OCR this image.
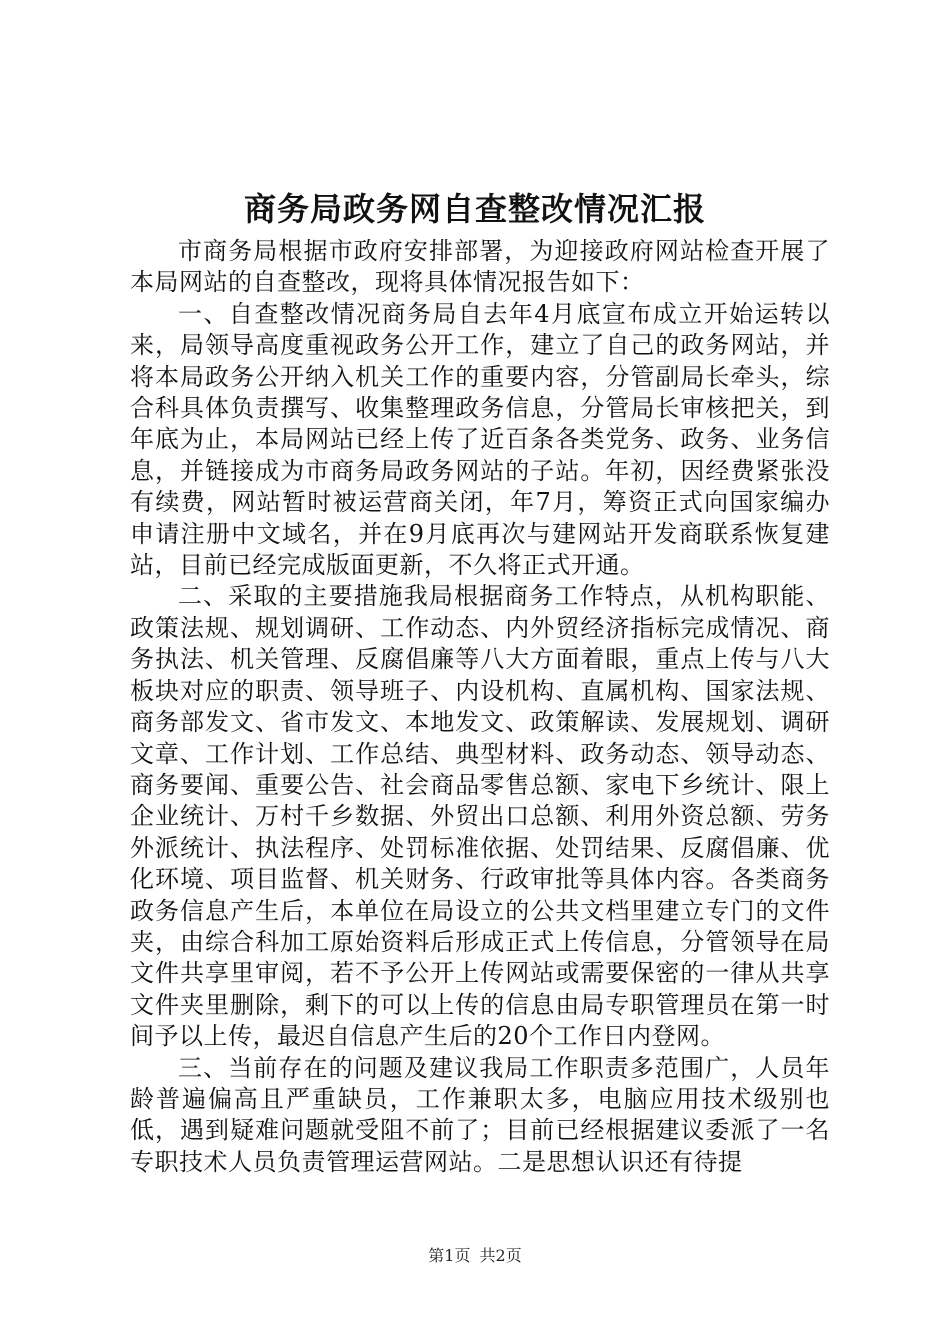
商务局政务网自查整改情况汇报

市商务局根据市政府安排部署，为迎接政府网站检查开展了本局网站的自查整改，现将具体情况报告如下：

一、自查整改情况商务局自去年4月底宣布成立开始运转以来，局领导高度重视政务公开工作，建立了自己的政务网站，并将本局政务公开纳入机关工作的重要内容，分管副局长牵头，综合科具体负责撰写、收集整理政务信息，分管局长审核把关，到年底为止，本局网站已经上传了近百条各类党务、政务、业务信息，并链接成为市商务局政务网站的子站。年初，因经费紧张没有续费，网站暂时被运营商关闭，年7月，筹资正式向国家编办申请注册中文域名，并在9月底再次与建网站开发商联系恢复建站，目前已经完成版面更新，不久将正式开通。

二、采取的主要措施我局根据商务工作特点，从机构职能、政策法规、规划调研、工作动态、内外贸经济指标完成情况、商务执法、机关管理、反腐倡廉等八大方面着眼，重点上传与八大板块对应的职责、领导班子、内设机构、直属机构、国家法规、商务部发文、省市发文、本地发文、政策解读、发展规划、调研文章、工作计划、工作总结、典型材料、政务动态、领导动态、商务要闻、重要公告、社会商品零售总额、家电下乡统计、限上企业统计、万村千乡数据、外贸出口总额、利用外资总额、劳务外派统计、执法程序、处罚标准依据、处罚结果、反腐倡廉、优化环境、项目监督、机关财务、行政审批等具体内容。各类商务政务信息产生后，本单位在局设立的公共文档里建立专门的文件夹，由综合科加工原始资料后形成正式上传信息，分管领导在局文件共享里审阅，若不予公开上传网站或需要保密的一律从共享文件夹里删除，剩下的可以上传的信息由局专职管理员在第一时间予以上传，最迟自信息产生后的20个工作日内登网。

三、当前存在的问题及建议我局工作职责多范围广，人员年龄普遍偏高且严重缺员，工作兼职太多，电脑应用技术级别也低，遇到疑难问题就受阻不前了；目前已经根据建议委派了一名专职技术人员负责管理运营网站。二是思想认识还有待提

第1页 共2页
